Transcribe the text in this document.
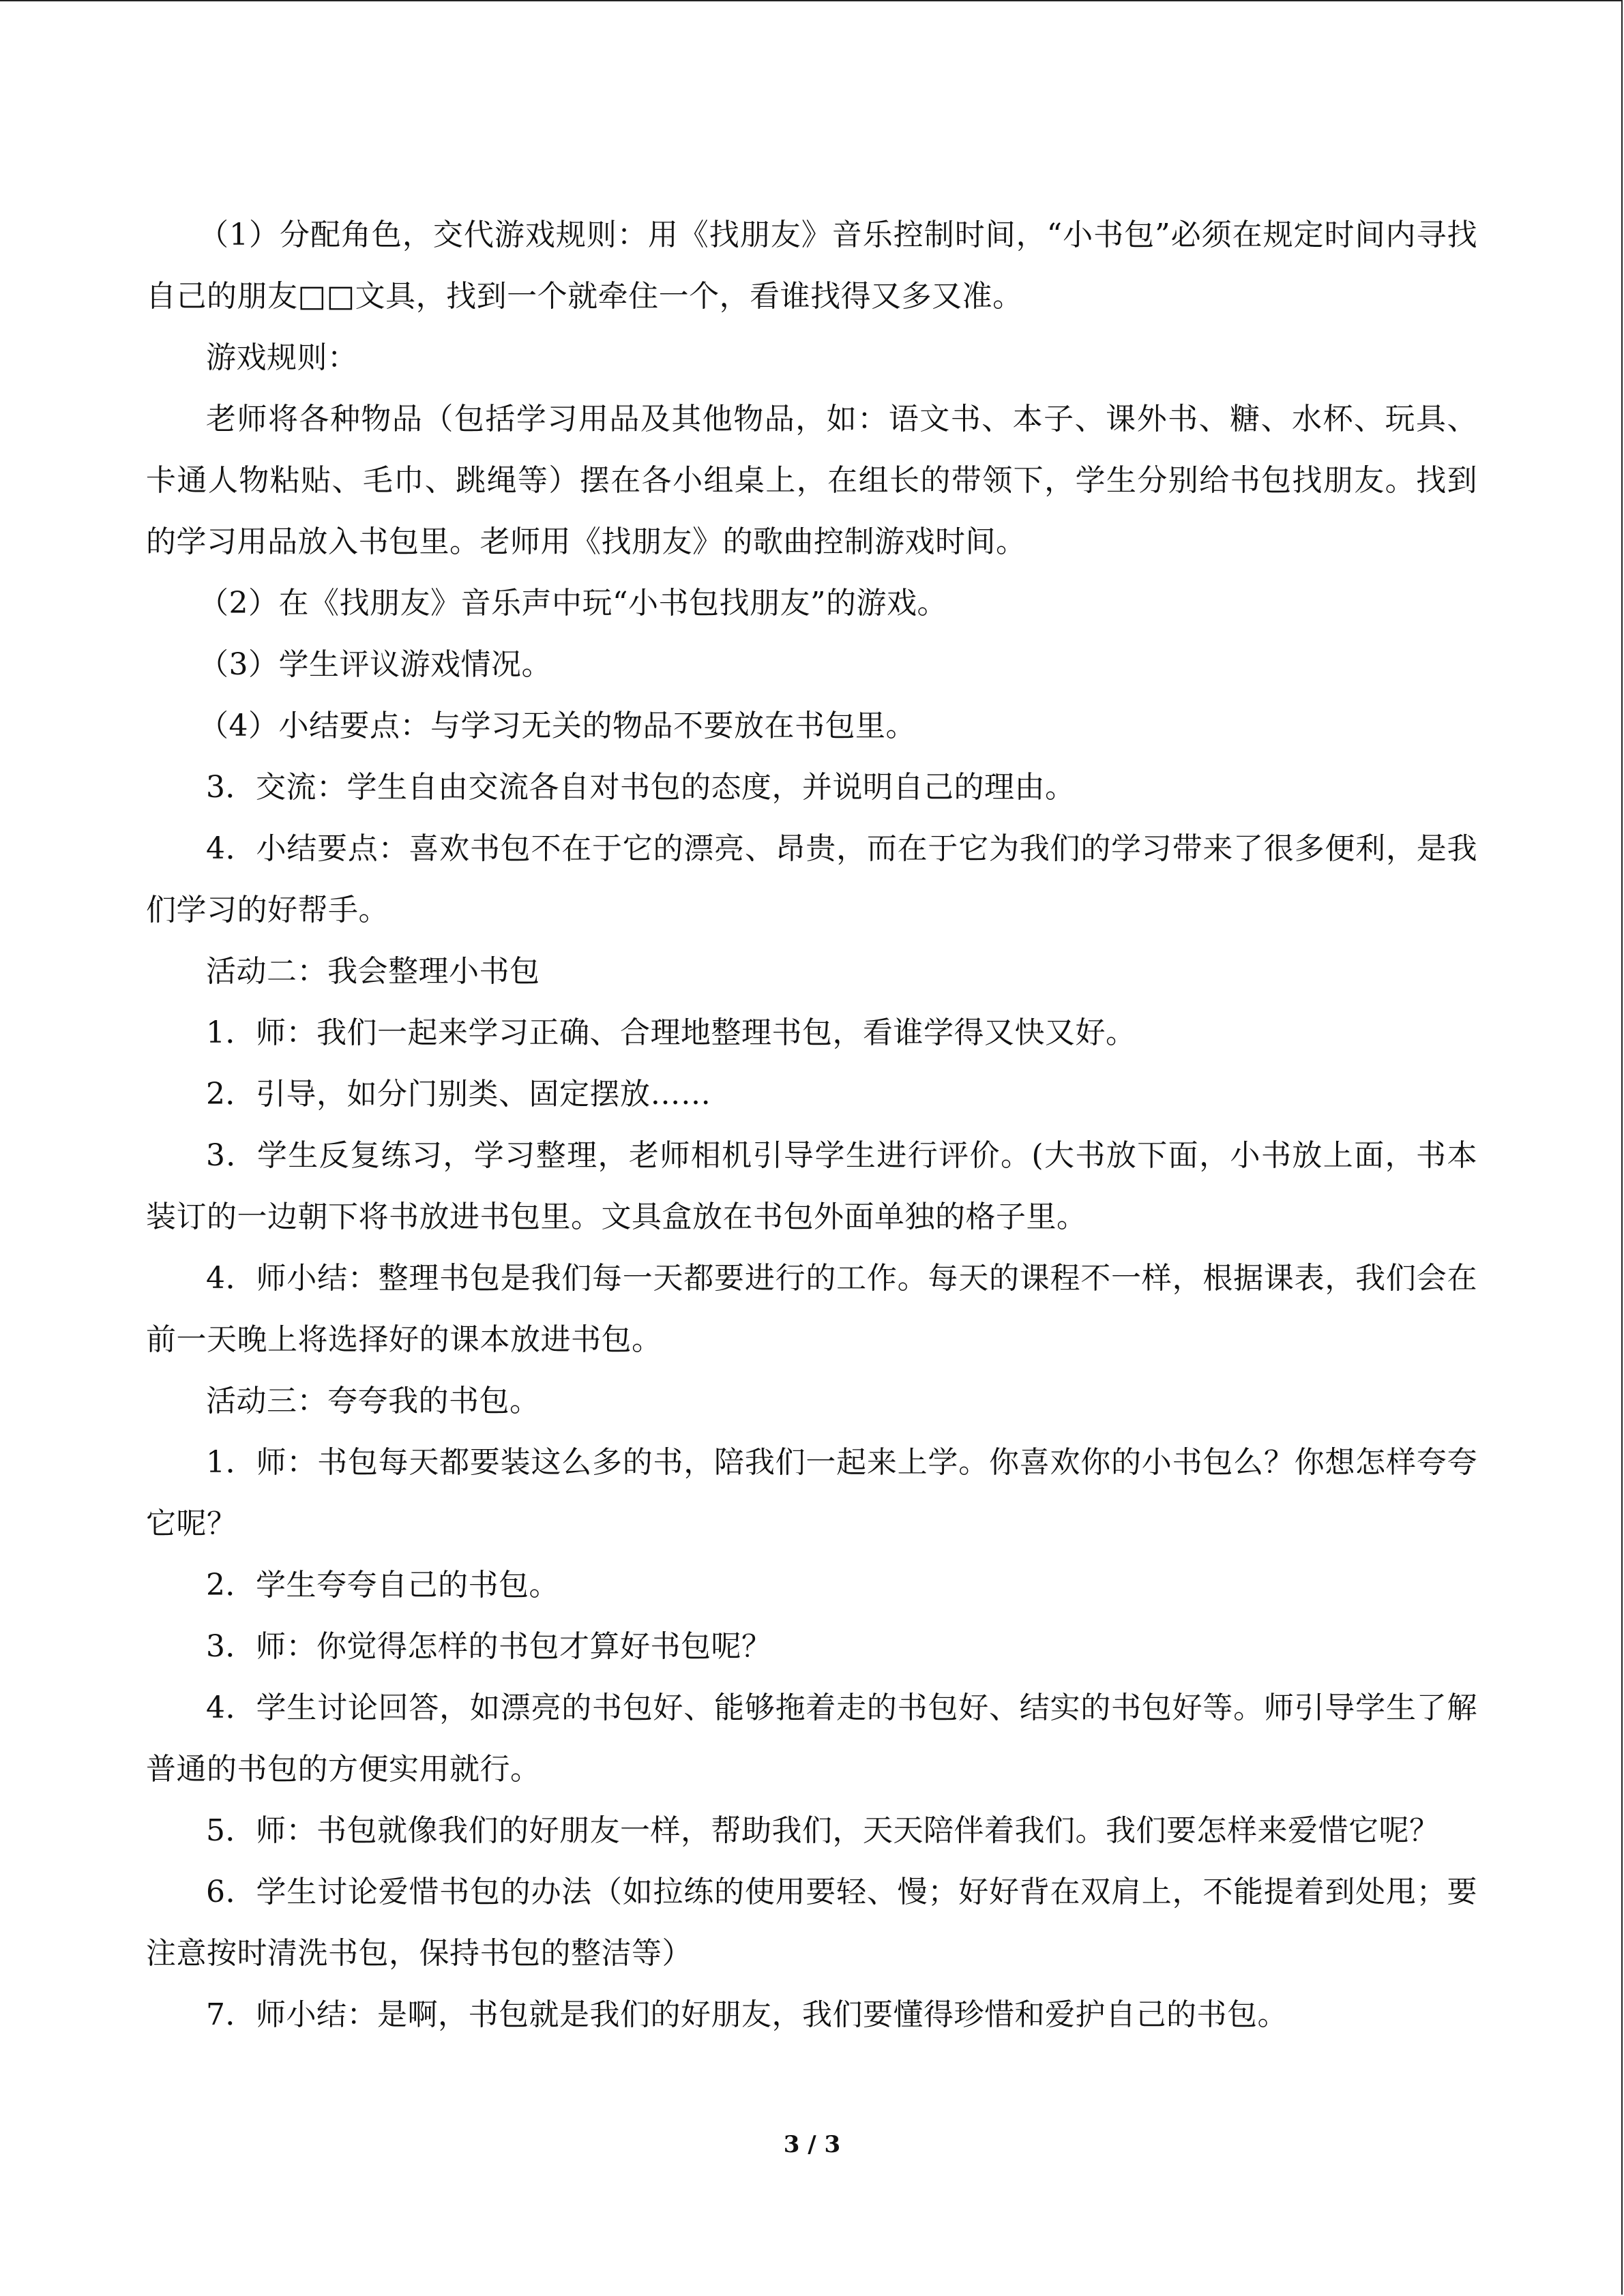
（1）分配角色，交代游戏规则：用《找朋友》音乐控制时间，“小书包”必须在规定时间内寻找自己的朋友□□文具，找到一个就牵住一个，看谁找得又多又准。

游戏规则：

老师将各种物品（包括学习用品及其他物品，如：语文书、本子、课外书、糖、水杯、玩具、卡通人物粘贴、毛巾、跳绳等）摆在各小组桌上，在组长的带领下，学生分别给书包找朋友。找到的学习用品放入书包里。老师用《找朋友》的歌曲控制游戏时间。

（2）在《找朋友》音乐声中玩“小书包找朋友”的游戏。

（3）学生评议游戏情况。

（4）小结要点：与学习无关的物品不要放在书包里。

3．交流：学生自由交流各自对书包的态度，并说明自己的理由。

4．小结要点：喜欢书包不在于它的漂亮、昂贵，而在于它为我们的学习带来了很多便利，是我们学习的好帮手。

活动二：我会整理小书包

1．师：我们一起来学习正确、合理地整理书包，看谁学得又快又好。

2．引导，如分门别类、固定摆放……

3．学生反复练习，学习整理，老师相机引导学生进行评价。(大书放下面，小书放上面，书本装订的一边朝下将书放进书包里。文具盒放在书包外面单独的格子里。

4．师小结：整理书包是我们每一天都要进行的工作。每天的课程不一样，根据课表，我们会在前一天晚上将选择好的课本放进书包。

活动三：夸夸我的书包。

1．师：书包每天都要装这么多的书，陪我们一起来上学。你喜欢你的小书包么？你想怎样夸夸它呢？

2．学生夸夸自己的书包。

3．师：你觉得怎样的书包才算好书包呢？

4．学生讨论回答，如漂亮的书包好、能够拖着走的书包好、结实的书包好等。师引导学生了解普通的书包的方便实用就行。

5．师：书包就像我们的好朋友一样，帮助我们，天天陪伴着我们。我们要怎样来爱惜它呢？

6．学生讨论爱惜书包的办法（如拉练的使用要轻、慢；好好背在双肩上，不能提着到处甩；要注意按时清洗书包，保持书包的整洁等）

7．师小结：是啊，书包就是我们的好朋友，我们要懂得珍惜和爱护自己的书包。

3 / 3
